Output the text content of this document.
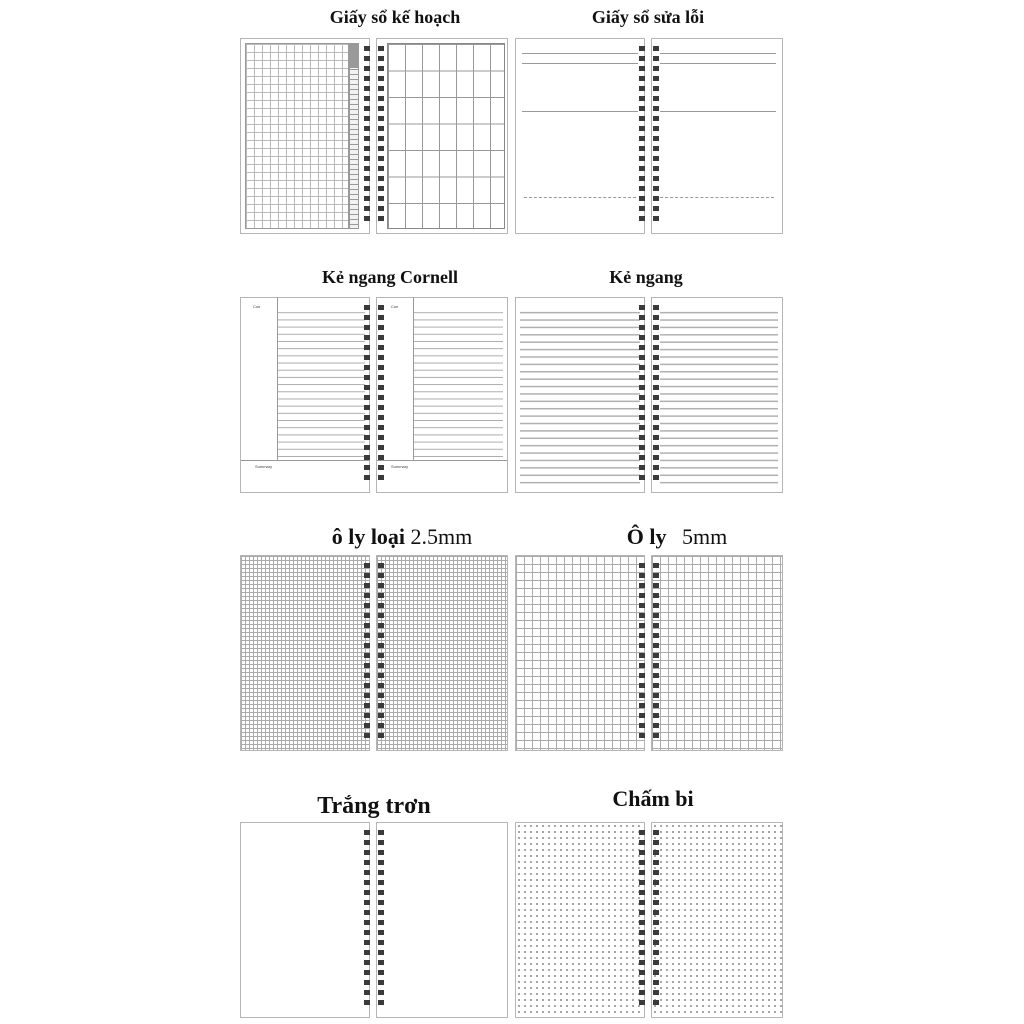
Giấy sổ kế hoạch	Giấy sổ sửa lỗi
Kẻ ngang Cornell	Kẻ ngang
ô ly loại 2.5mm	Ô ly 5mm
Trắng trơn	Chấm bi
Cue
Summary
Cue
Summary
